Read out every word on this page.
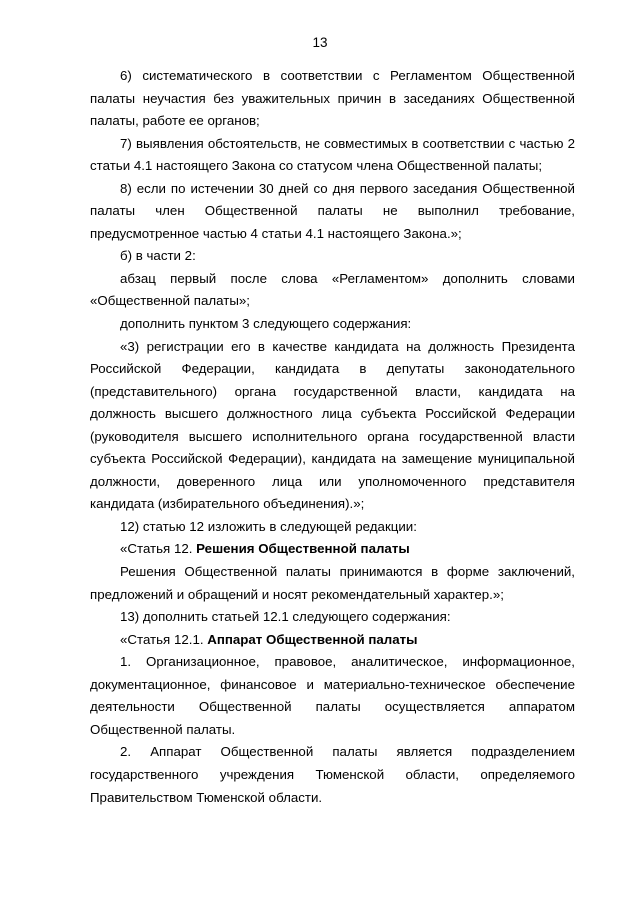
13

6) систематического в соответствии с Регламентом Общественной палаты неучастия без уважительных причин в заседаниях Общественной палаты, работе ее органов;

7) выявления обстоятельств, не совместимых в соответствии с частью 2 статьи 4.1 настоящего Закона со статусом члена Общественной палаты;

8) если по истечении 30 дней со дня первого заседания Общественной палаты член Общественной палаты не выполнил требование, предусмотренное частью 4 статьи 4.1 настоящего Закона.»;

б) в части 2:

абзац первый после слова «Регламентом» дополнить словами «Общественной палаты»;

дополнить пунктом 3 следующего содержания:

«3) регистрации его в качестве кандидата на должность Президента Российской Федерации, кандидата в депутаты законодательного (представительного) органа государственной власти, кандидата на должность высшего должностного лица субъекта Российской Федерации (руководителя высшего исполнительного органа государственной власти субъекта Российской Федерации), кандидата на замещение муниципальной должности, доверенного лица или уполномоченного представителя кандидата (избирательного объединения).»;

12) статью 12 изложить в следующей редакции:

«Статья 12. Решения Общественной палаты

Решения Общественной палаты принимаются в форме заключений, предложений и обращений и носят рекомендательный характер.»;

13) дополнить статьей 12.1 следующего содержания:

«Статья 12.1. Аппарат Общественной палаты

1. Организационное, правовое, аналитическое, информационное, документационное, финансовое и материально-техническое обеспечение деятельности Общественной палаты осуществляется аппаратом Общественной палаты.

2. Аппарат Общественной палаты является подразделением государственного учреждения Тюменской области, определяемого Правительством Тюменской области.
